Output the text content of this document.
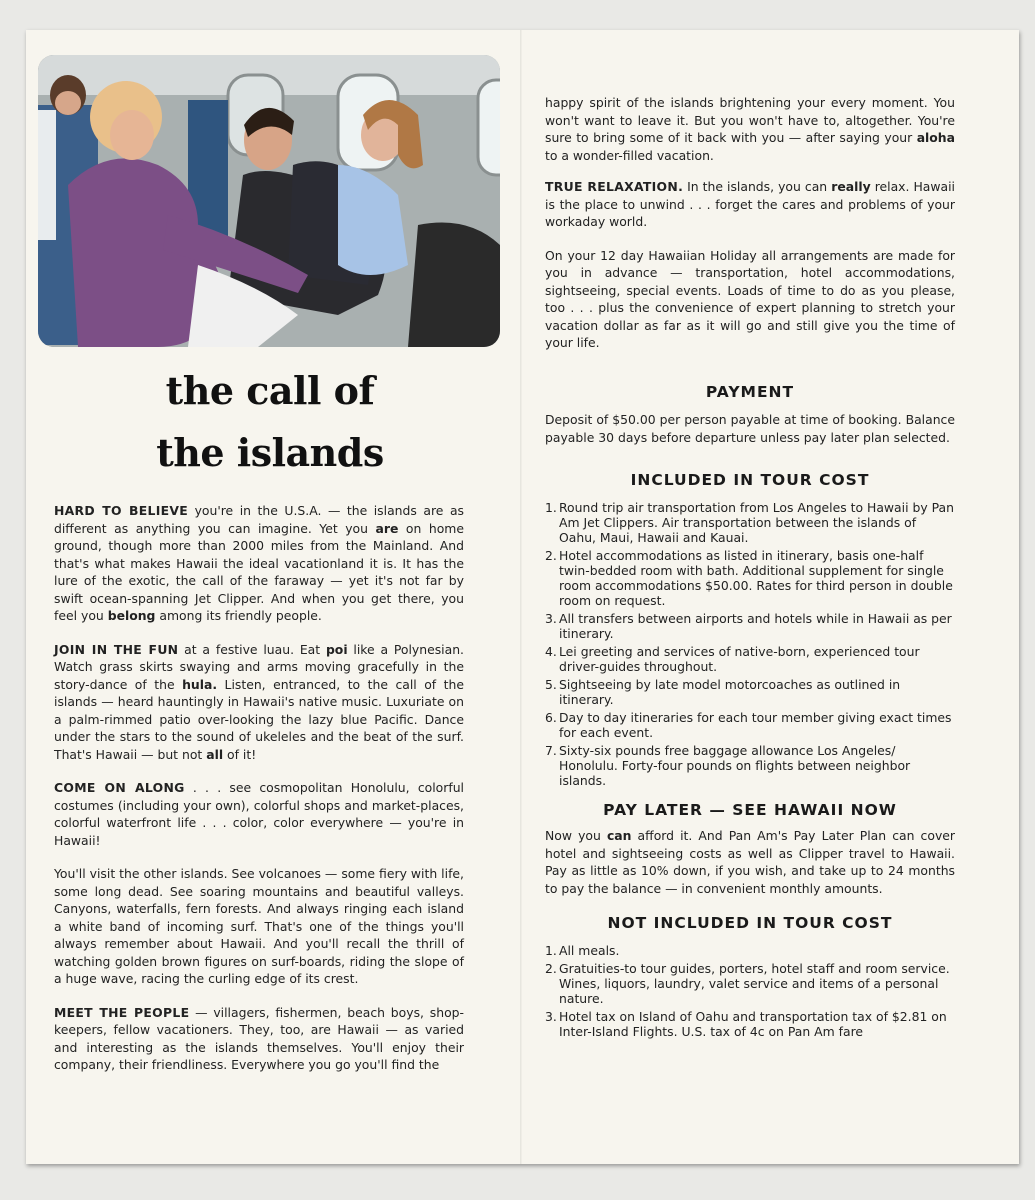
the call of
the islands

HARD TO BELIEVE you're in the U.S.A. — the islands are as different as anything you can imagine. Yet you are on home ground, though more than 2000 miles from the Mainland. And that's what makes Hawaii the ideal vacationland it is. It has the lure of the exotic, the call of the faraway — yet it's not far by swift ocean-spanning Jet Clipper. And when you get there, you feel you belong among its friendly people.

JOIN IN THE FUN at a festive luau. Eat poi like a Polynesian. Watch grass skirts swaying and arms moving gracefully in the story-dance of the hula. Listen, entranced, to the call of the islands — heard hauntingly in Hawaii's native music. Luxuriate on a palm-rimmed patio over-looking the lazy blue Pacific. Dance under the stars to the sound of ukeleles and the beat of the surf. That's Hawaii — but not all of it!

COME ON ALONG . . . see cosmopolitan Honolulu, colorful costumes (including your own), colorful shops and market-places, colorful waterfront life . . . color, color everywhere — you're in Hawaii!

You'll visit the other islands. See volcanoes — some fiery with life, some long dead. See soaring mountains and beautiful valleys. Canyons, waterfalls, fern forests. And always ringing each island a white band of incoming surf. That's one of the things you'll always remember about Hawaii. And you'll recall the thrill of watching golden brown figures on surf-boards, riding the slope of a huge wave, racing the curling edge of its crest.

MEET THE PEOPLE — villagers, fishermen, beach boys, shop-keepers, fellow vacationers. They, too, are Hawaii — as varied and interesting as the islands themselves. You'll enjoy their company, their friendliness. Everywhere you go you'll find the

happy spirit of the islands brightening your every moment. You won't want to leave it. But you won't have to, altogether. You're sure to bring some of it back with you — after saying your aloha to a wonder-filled vacation.

TRUE RELAXATION. In the islands, you can really relax. Hawaii is the place to unwind . . . forget the cares and problems of your workaday world.

On your 12 day Hawaiian Holiday all arrangements are made for you in advance — transportation, hotel accommodations, sightseeing, special events. Loads of time to do as you please, too . . . plus the convenience of expert planning to stretch your vacation dollar as far as it will go and still give you the time of your life.

PAYMENT

Deposit of $50.00 per person payable at time of booking. Balance payable 30 days before departure unless pay later plan selected.

INCLUDED IN TOUR COST
1. Round trip air transportation from Los Angeles to Hawaii by Pan Am Jet Clippers. Air transportation between the islands of Oahu, Maui, Hawaii and Kauai.
2. Hotel accommodations as listed in itinerary, basis one-half twin-bedded room with bath. Additional supplement for single room accommodations $50.00. Rates for third person in double room on request.
3. All transfers between airports and hotels while in Hawaii as per itinerary.
4. Lei greeting and services of native-born, experienced tour driver-guides throughout.
5. Sightseeing by late model motorcoaches as outlined in itinerary.
6. Day to day itineraries for each tour member giving exact times for each event.
7. Sixty-six pounds free baggage allowance Los Angeles/ Honolulu. Forty-four pounds on flights between neighbor islands.
PAY LATER — SEE HAWAII NOW

Now you can afford it. And Pan Am's Pay Later Plan can cover hotel and sightseeing costs as well as Clipper travel to Hawaii. Pay as little as 10% down, if you wish, and take up to 24 months to pay the balance — in convenient monthly amounts.

NOT INCLUDED IN TOUR COST
1. All meals.
2. Gratuities-to tour guides, porters, hotel staff and room service. Wines, liquors, laundry, valet service and items of a personal nature.
3. Hotel tax on Island of Oahu and transportation tax of $2.81 on Inter-Island Flights. U.S. tax of 4c on Pan Am fare
